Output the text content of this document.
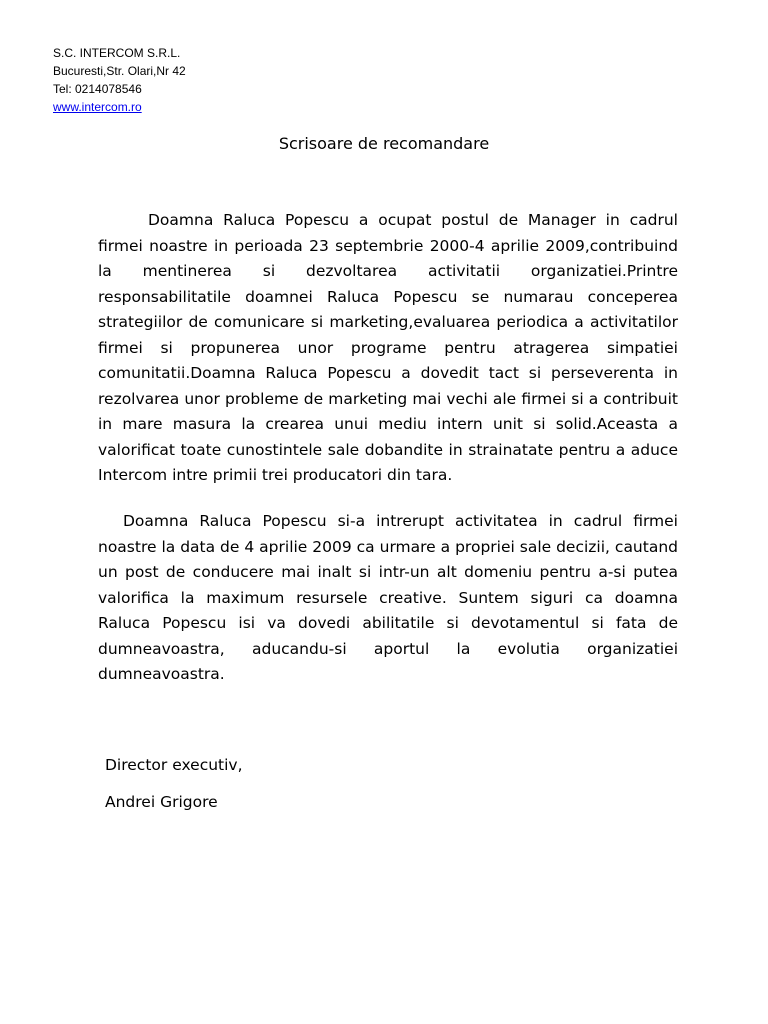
S.C. INTERCOM S.R.L.
Bucuresti,Str. Olari,Nr 42
Tel: 0214078546
www.intercom.ro
Scrisoare de recomandare

Doamna Raluca Popescu a ocupat postul de Manager in cadrul firmei noastre in perioada 23 septembrie 2000-4 aprilie 2009,contribuind la mentinerea si dezvoltarea activitatii organizatiei.Printre responsabilitatile doamnei Raluca Popescu se numarau conceperea strategiilor de comunicare si marketing,evaluarea periodica a activitatilor firmei si propunerea unor programe pentru atragerea simpatiei comunitatii.Doamna Raluca Popescu a dovedit tact si perseverenta in rezolvarea unor probleme de marketing mai vechi ale firmei si a contribuit in mare masura la crearea unui mediu intern unit si solid.Aceasta a valorificat toate cunostintele sale dobandite in strainatate pentru a aduce Intercom intre primii trei producatori din tara.

Doamna Raluca Popescu si-a intrerupt activitatea in cadrul firmei noastre la data de 4 aprilie 2009 ca urmare a propriei sale decizii, cautand un post de conducere mai inalt si intr-un alt domeniu pentru a-si putea valorifica la maximum resursele creative. Suntem siguri ca doamna Raluca Popescu isi va dovedi abilitatile si devotamentul si fata de dumneavoastra, aducandu-si aportul la evolutia organizatiei dumneavoastra.

Director executiv,
Andrei Grigore
